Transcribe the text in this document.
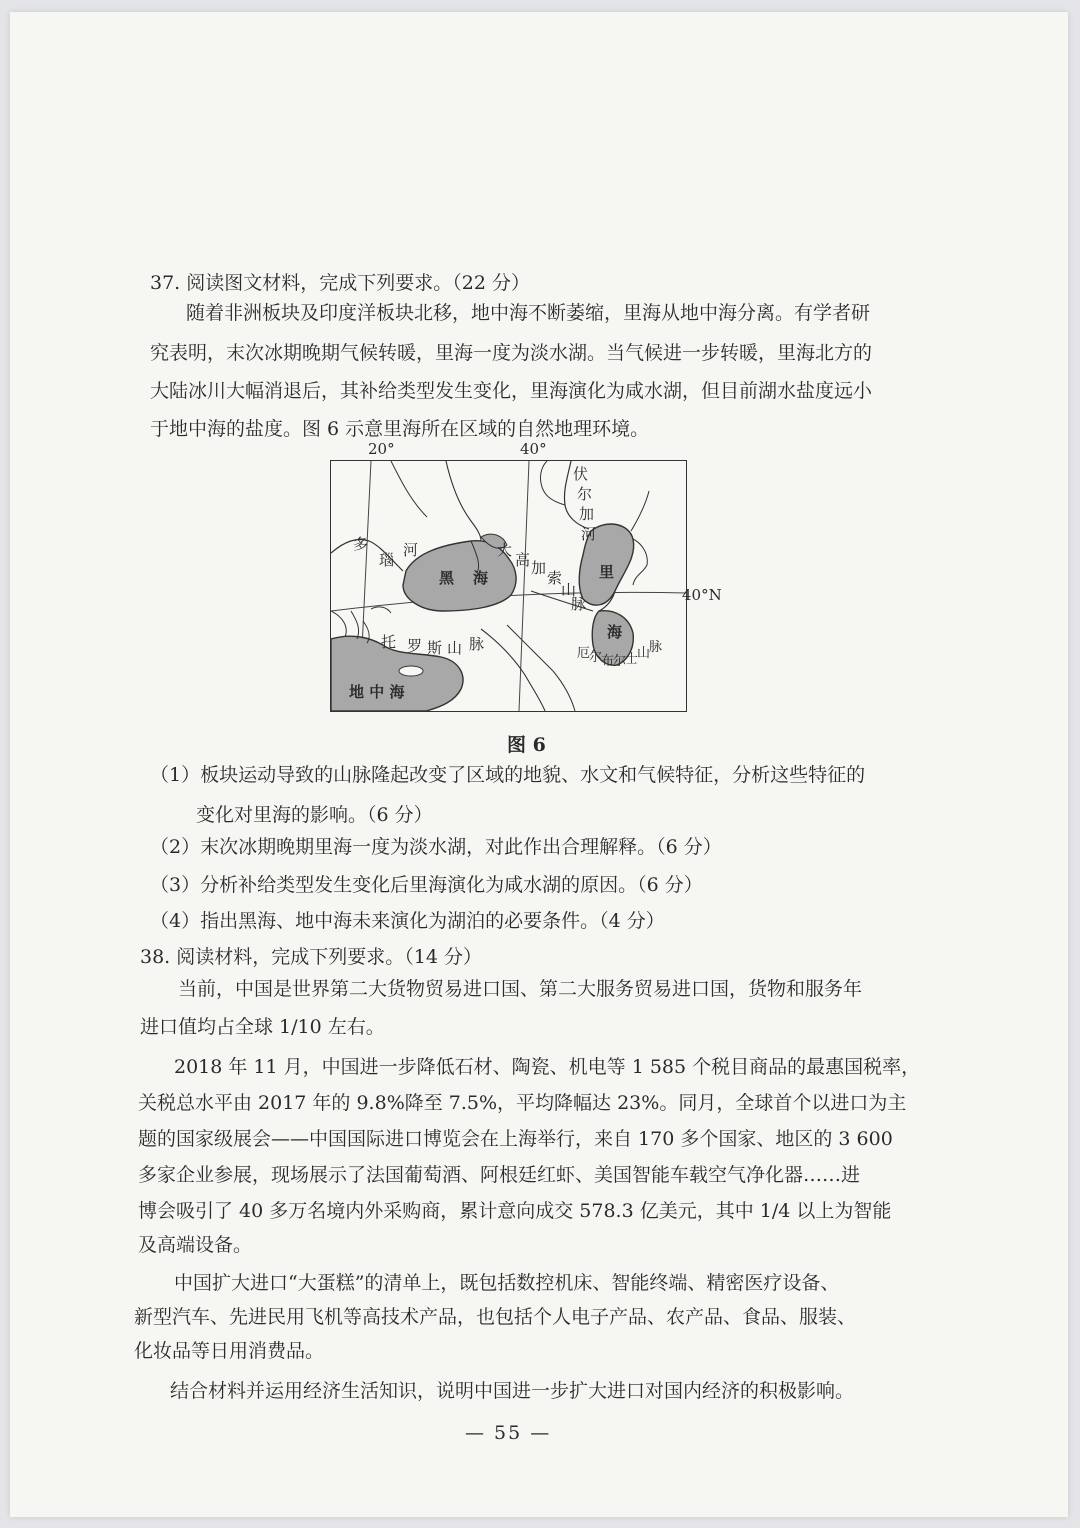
37. 阅读图文材料，完成下列要求。（22 分）
随着非洲板块及印度洋板块北移，地中海不断萎缩，里海从地中海分离。有学者研
究表明，末次冰期晚期气候转暖，里海一度为淡水湖。当气候进一步转暖，里海北方的
大陆冰川大幅消退后，其补给类型发生变化，里海演化为咸水湖，但目前湖水盐度远小
于地中海的盐度。图 6 示意里海所在区域的自然地理环境。
20°	40°
伏
尔
加
河
多
瑙
河
黑 海
大
高 加
索
山
脉
里
海
托 罗 斯 山 脉
厄
尔
布
尔
士
山
脉
地 中 海
40°N
图 6
（1）板块运动导致的山脉隆起改变了区域的地貌、水文和气候特征，分析这些特征的
变化对里海的影响。（6 分）
（2）末次冰期晚期里海一度为淡水湖，对此作出合理解释。（6 分）
（3）分析补给类型发生变化后里海演化为咸水湖的原因。（6 分）
（4）指出黑海、地中海未来演化为湖泊的必要条件。（4 分）
38. 阅读材料，完成下列要求。（14 分）
当前，中国是世界第二大货物贸易进口国、第二大服务贸易进口国，货物和服务年
进口值均占全球 1/10 左右。
2018 年 11 月，中国进一步降低石材、陶瓷、机电等 1 585 个税目商品的最惠国税率，
关税总水平由 2017 年的 9.8%降至 7.5%，平均降幅达 23%。同月，全球首个以进口为主
题的国家级展会——中国国际进口博览会在上海举行，来自 170 多个国家、地区的 3 600
多家企业参展，现场展示了法国葡萄酒、阿根廷红虾、美国智能车载空气净化器……进
博会吸引了 40 多万名境内外采购商，累计意向成交 578.3 亿美元，其中 1/4 以上为智能
及高端设备。
中国扩大进口“大蛋糕”的清单上，既包括数控机床、智能终端、精密医疗设备、
新型汽车、先进民用飞机等高技术产品，也包括个人电子产品、农产品、食品、服装、
化妆品等日用消费品。
结合材料并运用经济生活知识，说明中国进一步扩大进口对国内经济的积极影响。
— 55 —
